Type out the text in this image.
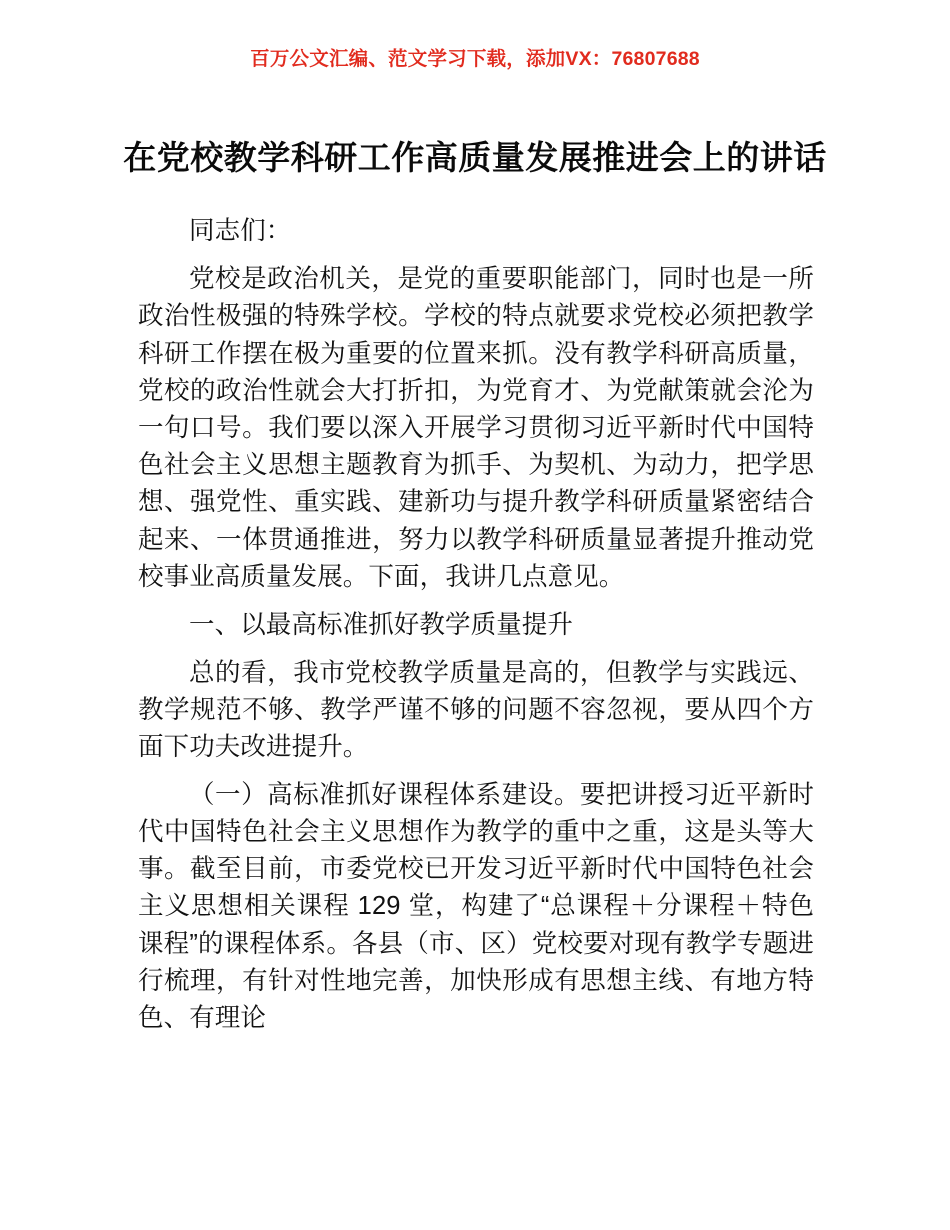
百万公文汇编、范文学习下载，添加VX：76807688
在党校教学科研工作高质量发展推进会上的讲话

同志们：

党校是政治机关，是党的重要职能部门，同时也是一所政治性极强的特殊学校。学校的特点就要求党校必须把教学科研工作摆在极为重要的位置来抓。没有教学科研高质量，党校的政治性就会大打折扣，为党育才、为党献策就会沦为一句口号。我们要以深入开展学习贯彻习近平新时代中国特色社会主义思想主题教育为抓手、为契机、为动力，把学思想、强党性、重实践、建新功与提升教学科研质量紧密结合起来、一体贯通推进，努力以教学科研质量显著提升推动党校事业高质量发展。下面，我讲几点意见。

一、以最高标准抓好教学质量提升

总的看，我市党校教学质量是高的，但教学与实践远、教学规范不够、教学严谨不够的问题不容忽视，要从四个方面下功夫改进提升。

（一）高标准抓好课程体系建设。要把讲授习近平新时代中国特色社会主义思想作为教学的重中之重，这是头等大事。截至目前，市委党校已开发习近平新时代中国特色社会主义思想相关课程 129 堂，构建了“总课程＋分课程＋特色课程”的课程体系。各县（市、区）党校要对现有教学专题进行梳理，有针对性地完善，加快形成有思想主线、有地方特色、有理论
